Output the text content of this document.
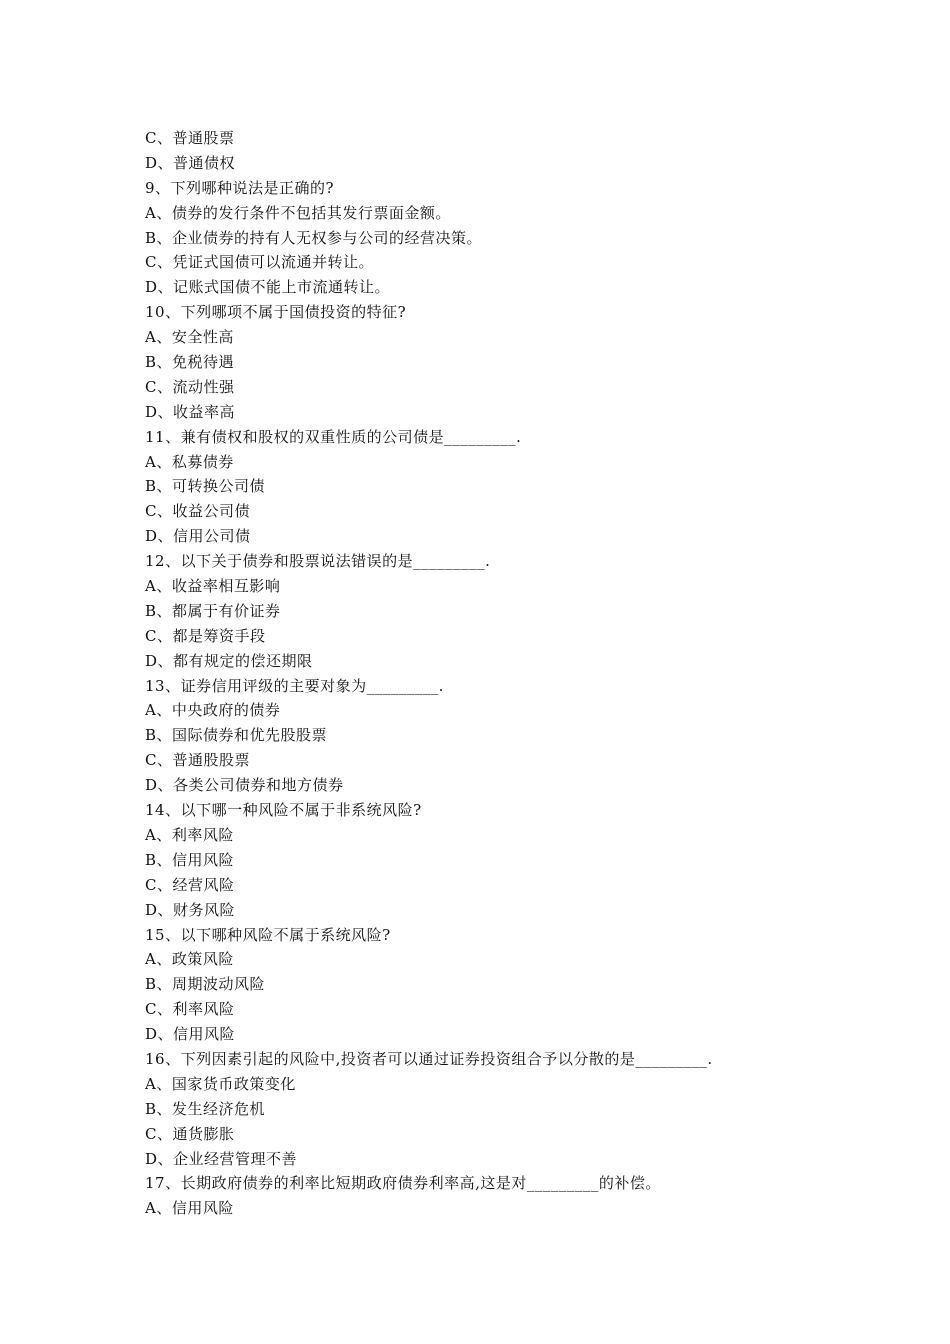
C、普通股票
D、普通债权
9、下列哪种说法是正确的?
A、债券的发行条件不包括其发行票面金额。
B、企业债券的持有人无权参与公司的经营决策。
C、凭证式国债可以流通并转让。
D、记账式国债不能上市流通转让。
10、下列哪项不属于国债投资的特征?
A、安全性高
B、免税待遇
C、流动性强
D、收益率高
11、兼有债权和股权的双重性质的公司债是_________.
A、私募债券
B、可转换公司债
C、收益公司债
D、信用公司债
12、以下关于债券和股票说法错误的是_________.
A、收益率相互影响
B、都属于有价证券
C、都是筹资手段
D、都有规定的偿还期限
13、证券信用评级的主要对象为_________.
A、中央政府的债券
B、国际债券和优先股股票
C、普通股股票
D、各类公司债券和地方债券
14、以下哪一种风险不属于非系统风险?
A、利率风险
B、信用风险
C、经营风险
D、财务风险
15、以下哪种风险不属于系统风险?
A、政策风险
B、周期波动风险
C、利率风险
D、信用风险
16、下列因素引起的风险中,投资者可以通过证券投资组合予以分散的是_________.
A、国家货币政策变化
B、发生经济危机
C、通货膨胀
D、企业经营管理不善
17、长期政府债券的利率比短期政府债券利率高,这是对_________的补偿。
A、信用风险
